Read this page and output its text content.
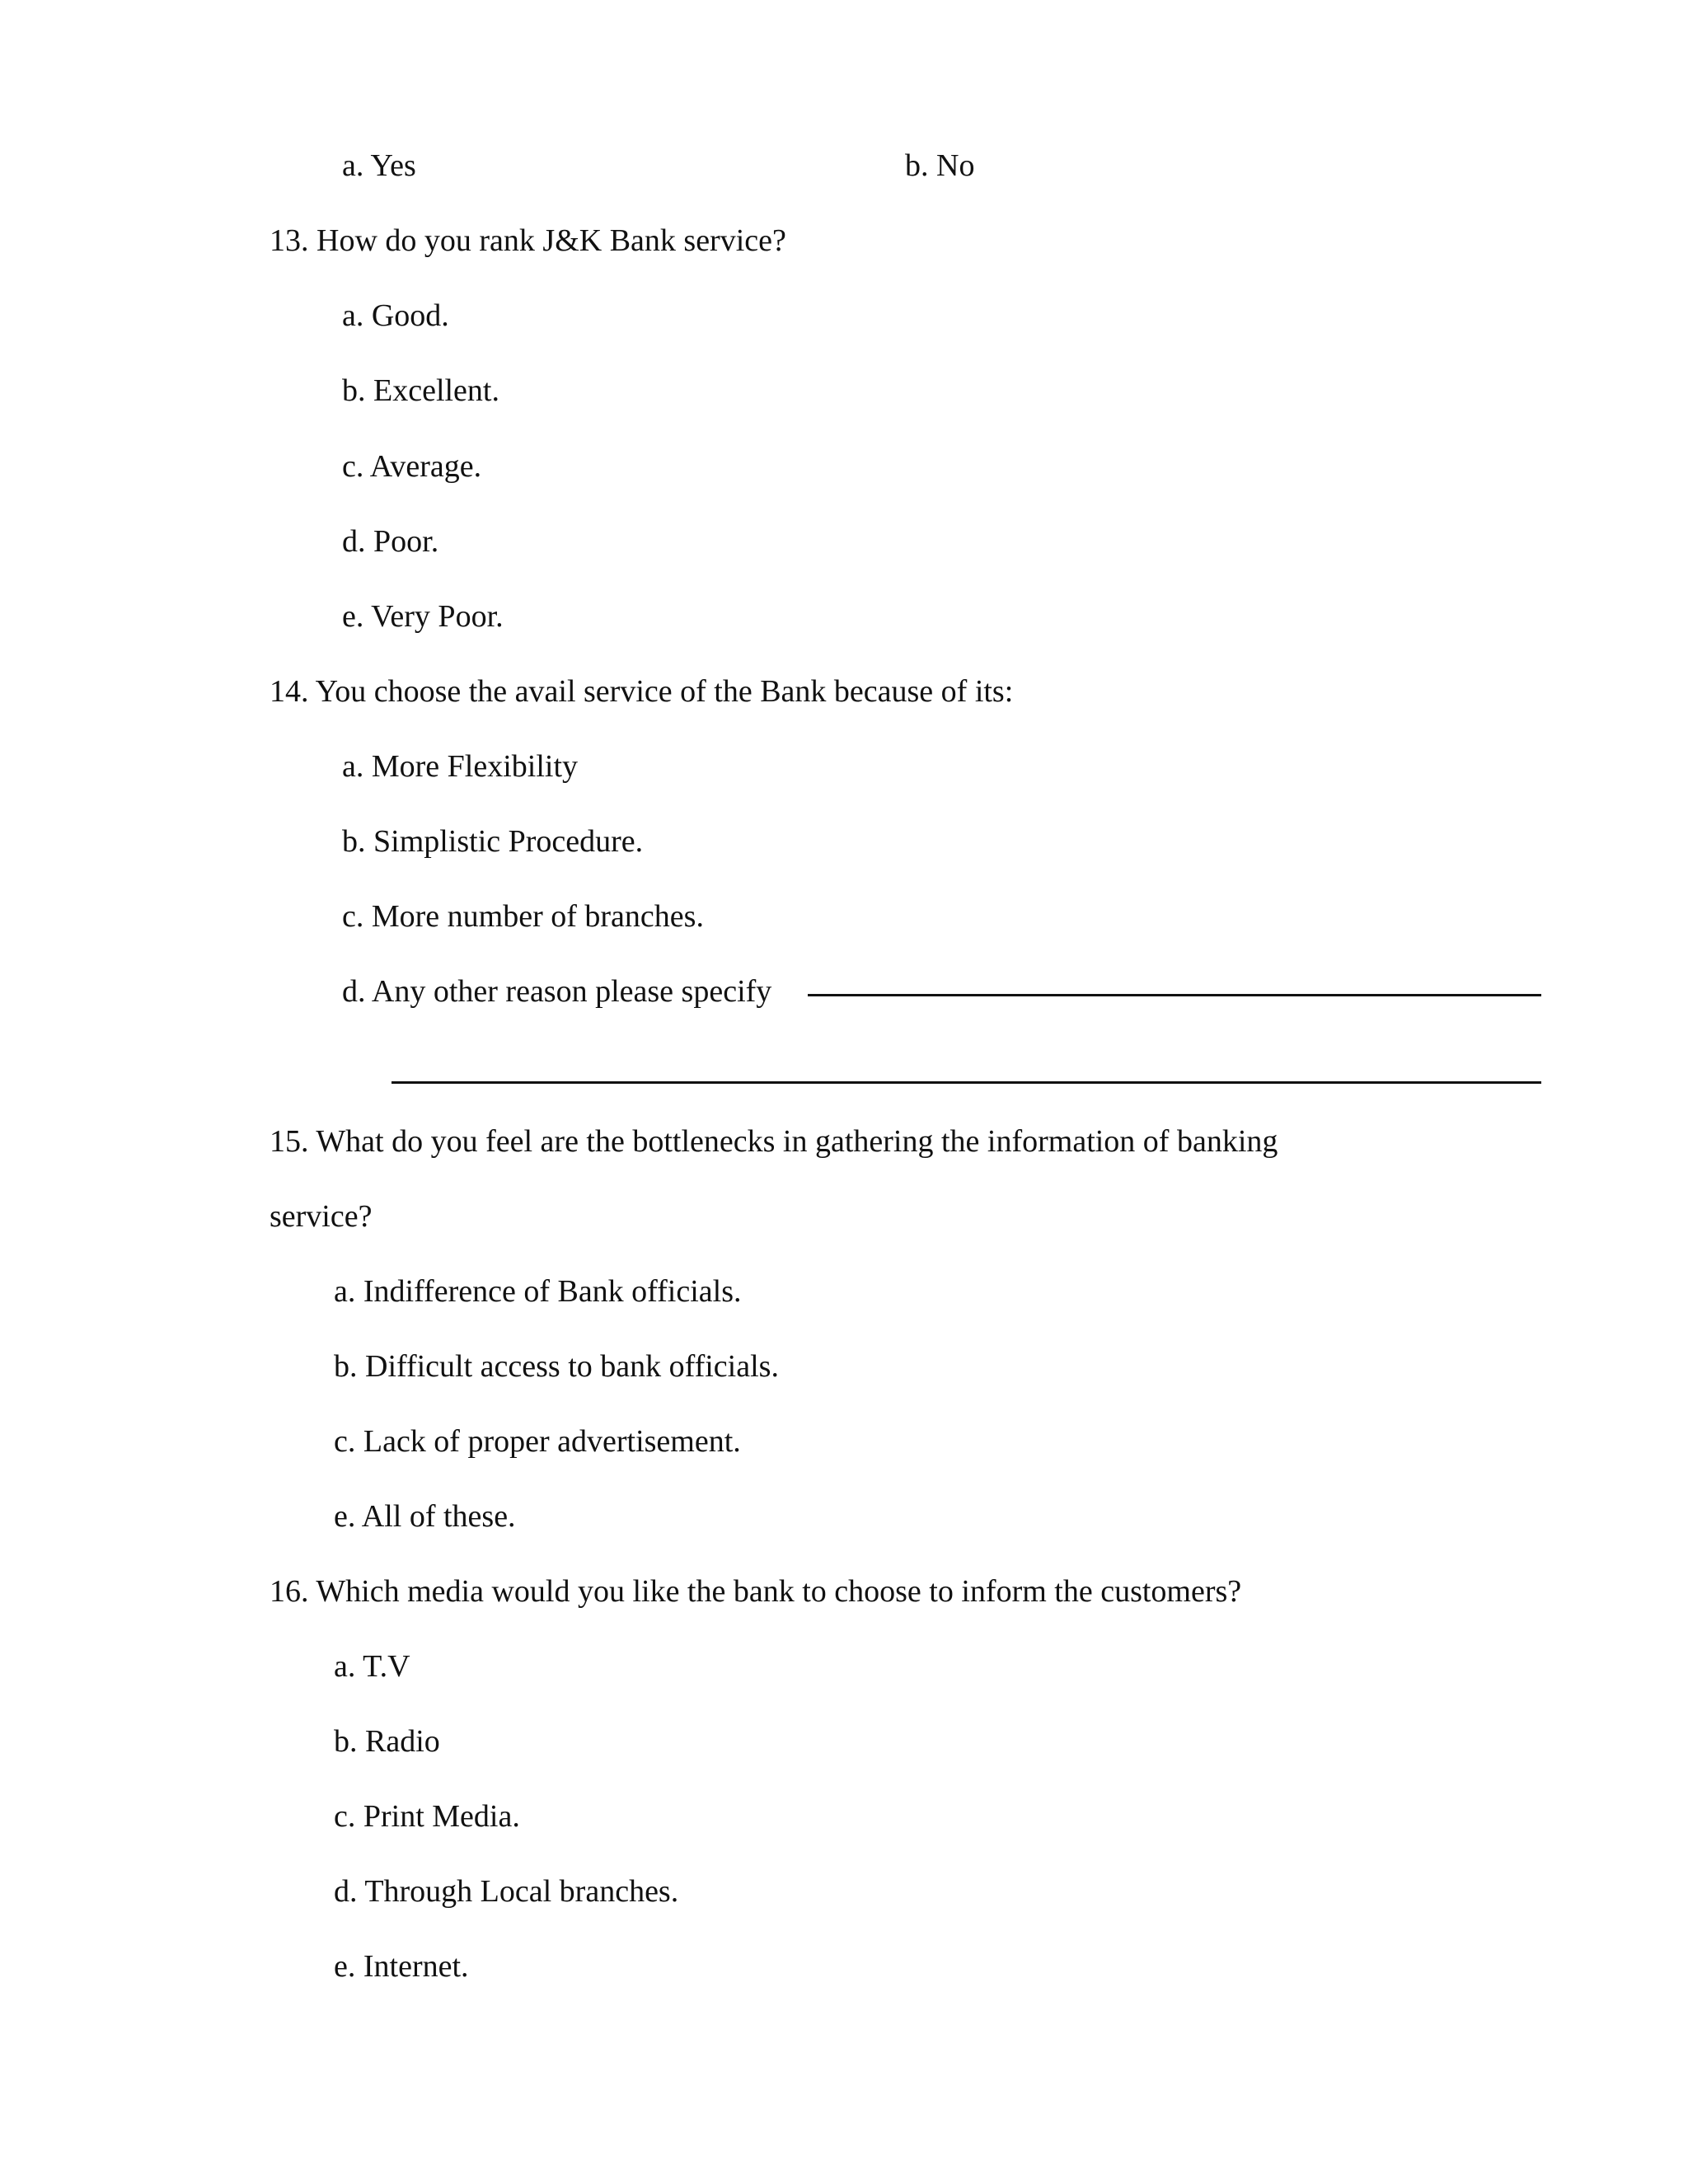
a. Yes	b. No
13. How do you rank J&K Bank service?
a. Good.
b. Excellent.
c. Average.
d. Poor.
e. Very Poor.
14. You choose the avail service of the Bank because of its:
a. More Flexibility
b. Simplistic Procedure.
c. More number of branches.
d. Any other reason please specify
15. What do you feel are the bottlenecks in gathering the information of banking
service?
a. Indifference of Bank officials.
b. Difficult access to bank officials.
c. Lack of proper advertisement.
e. All of these.
16. Which media would you like the bank to choose to inform the customers?
a. T.V
b. Radio
c. Print Media.
d. Through Local branches.
e. Internet.
